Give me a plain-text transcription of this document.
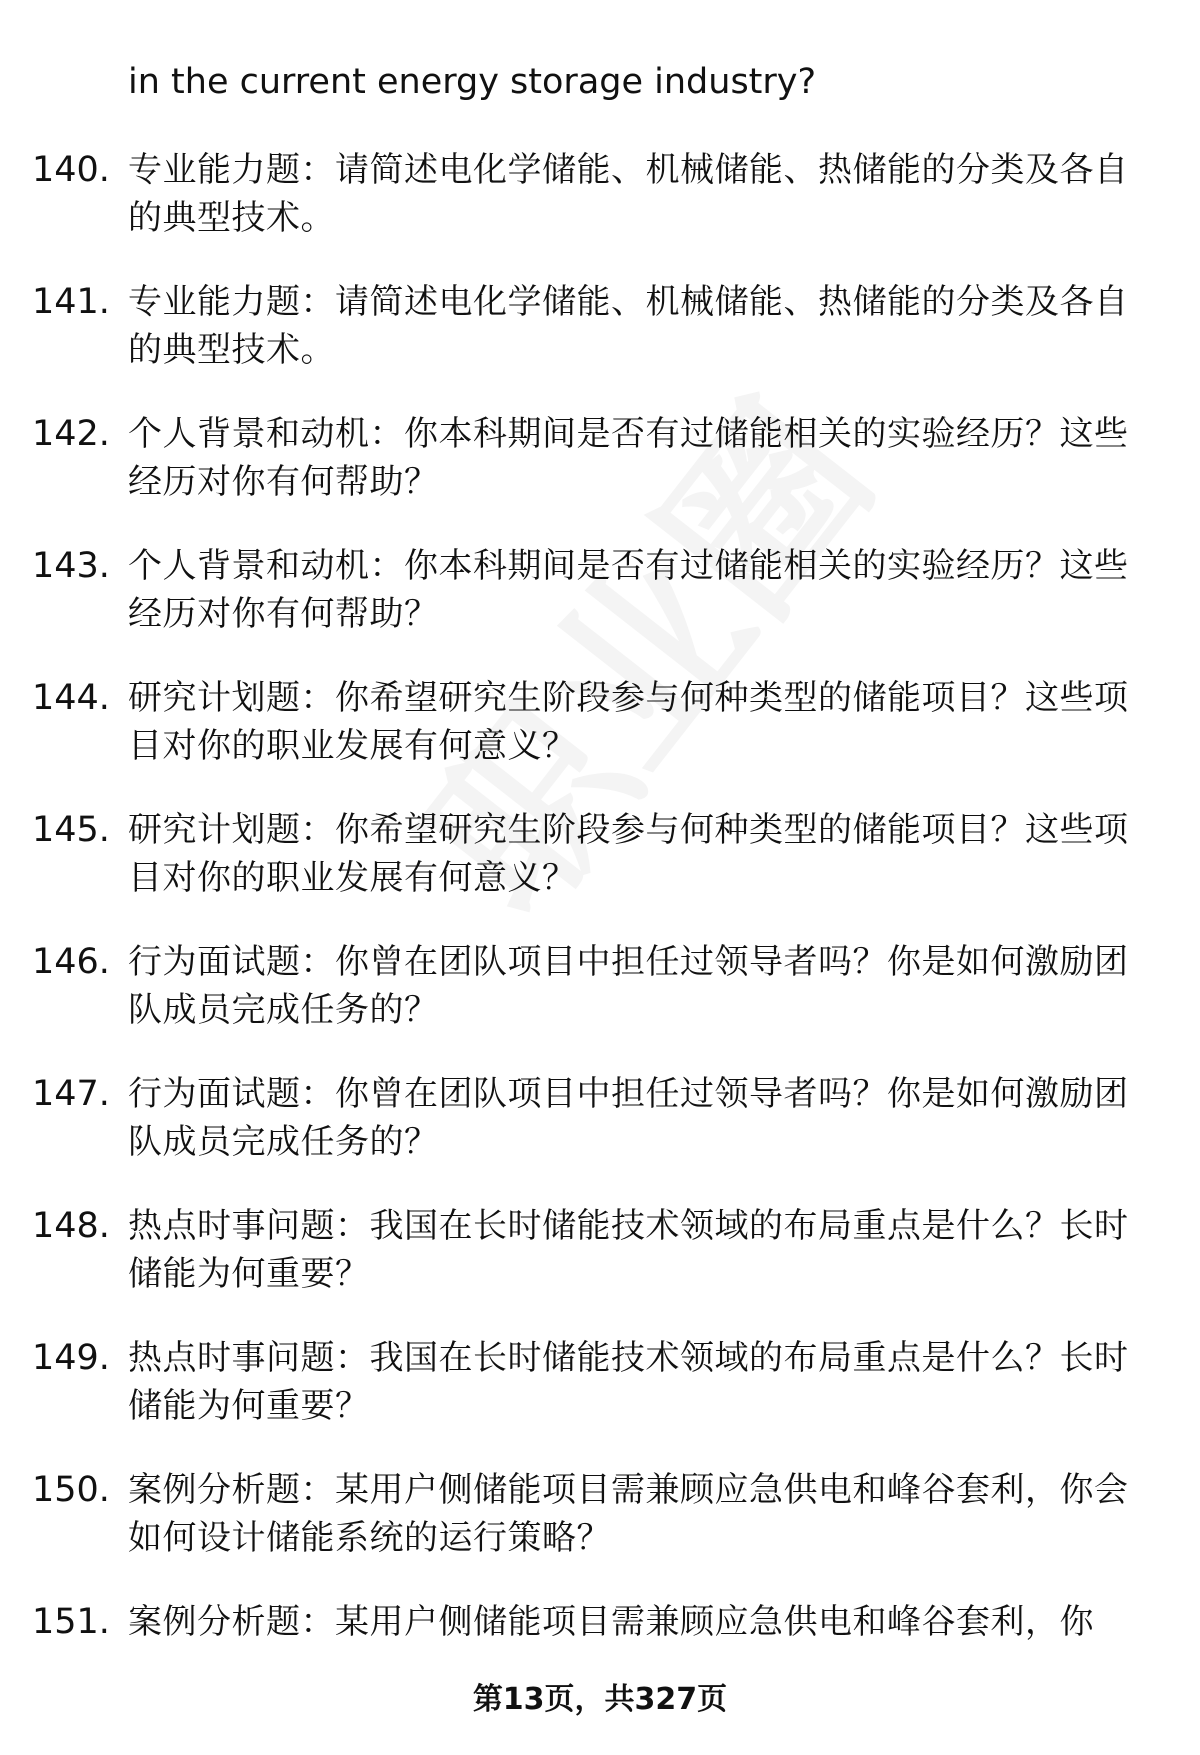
in the current energy storage industry?
140. 专业能力题：请简述电化学储能、机械储能、热储能的分类及各自的典型技术。
141. 专业能力题：请简述电化学储能、机械储能、热储能的分类及各自的典型技术。
142. 个人背景和动机：你本科期间是否有过储能相关的实验经历？这些经历对你有何帮助？
143. 个人背景和动机：你本科期间是否有过储能相关的实验经历？这些经历对你有何帮助？
144. 研究计划题：你希望研究生阶段参与何种类型的储能项目？这些项目对你的职业发展有何意义？
145. 研究计划题：你希望研究生阶段参与何种类型的储能项目？这些项目对你的职业发展有何意义？
146. 行为面试题：你曾在团队项目中担任过领导者吗？你是如何激励团队成员完成任务的？
147. 行为面试题：你曾在团队项目中担任过领导者吗？你是如何激励团队成员完成任务的？
148. 热点时事问题：我国在长时储能技术领域的布局重点是什么？长时储能为何重要？
149. 热点时事问题：我国在长时储能技术领域的布局重点是什么？长时储能为何重要？
150. 案例分析题：某用户侧储能项目需兼顾应急供电和峰谷套利，你会如何设计储能系统的运行策略？
151. 案例分析题：某用户侧储能项目需兼顾应急供电和峰谷套利，你
第13页，共327页
